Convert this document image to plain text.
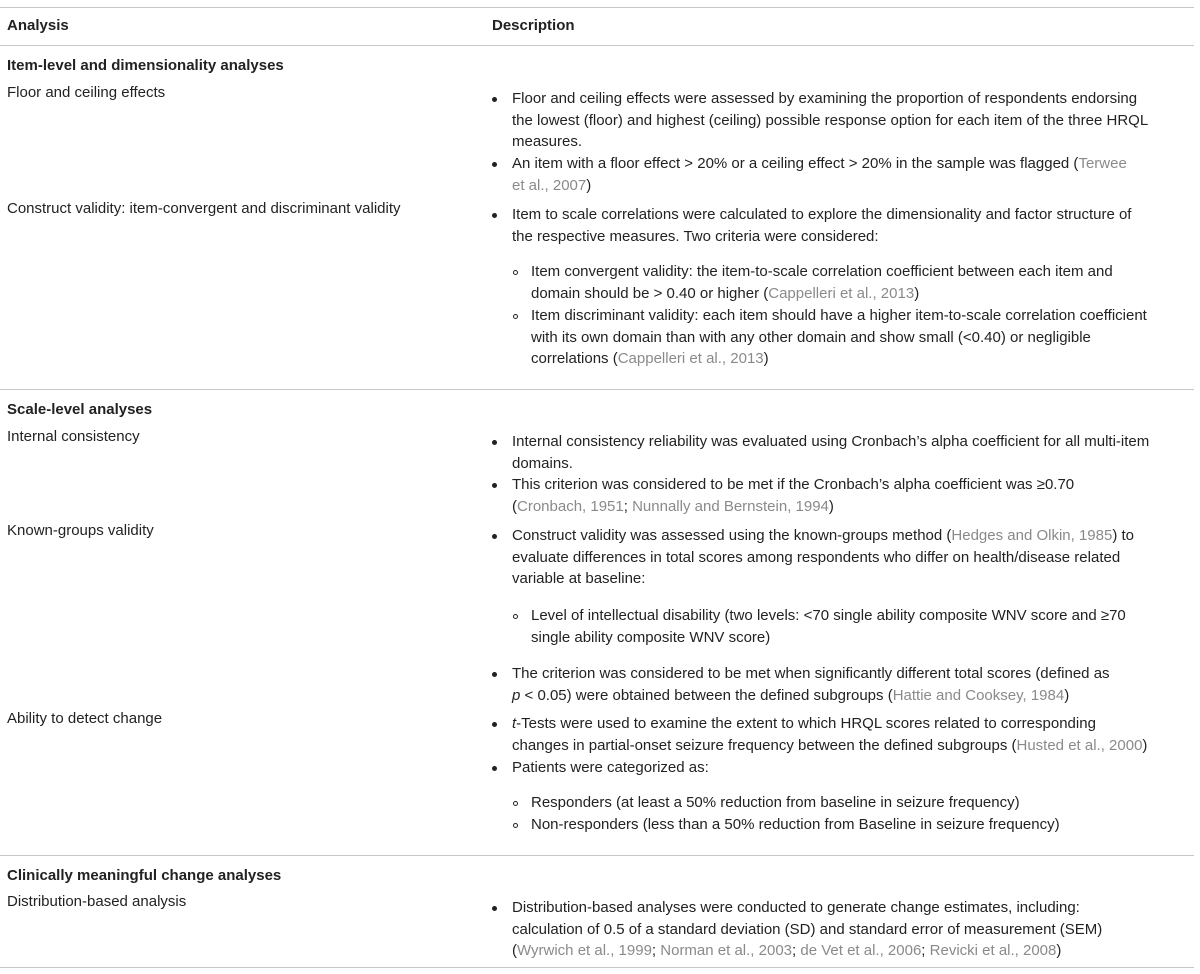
Analysis	Description
Item-level and dimensionality analyses
Floor and ceiling effects
Construct validity: item-convergent and discriminant validity
Scale-level analyses
Internal consistency
Known-groups validity
Ability to detect change
Clinically meaningful change analyses
Distribution-based analysis
Floor and ceiling effects were assessed by examining the proportion of respondents endorsing
the lowest (floor) and highest (ceiling) possible response option for each item of the three HRQL
measures.
An item with a floor effect > 20% or a ceiling effect > 20% in the sample was flagged (Terwee
et al., 2007)
Item to scale correlations were calculated to explore the dimensionality and factor structure of
the respective measures. Two criteria were considered:
Item convergent validity: the item-to-scale correlation coefficient between each item and
domain should be > 0.40 or higher (Cappelleri et al., 2013)
Item discriminant validity: each item should have a higher item-to-scale correlation coefficient
with its own domain than with any other domain and show small (<0.40) or negligible
correlations (Cappelleri et al., 2013)
Internal consistency reliability was evaluated using Cronbach’s alpha coefficient for all multi-item
domains.
This criterion was considered to be met if the Cronbach’s alpha coefficient was ≥0.70
(Cronbach, 1951; Nunnally and Bernstein, 1994)
Construct validity was assessed using the known-groups method (Hedges and Olkin, 1985) to
evaluate differences in total scores among respondents who differ on health/disease related
variable at baseline:
Level of intellectual disability (two levels: <70 single ability composite WNV score and ≥70
single ability composite WNV score)
The criterion was considered to be met when significantly different total scores (defined as
p < 0.05) were obtained between the defined subgroups (Hattie and Cooksey, 1984)
t-Tests were used to examine the extent to which HRQL scores related to corresponding
changes in partial-onset seizure frequency between the defined subgroups (Husted et al., 2000)
Patients were categorized as:
Responders (at least a 50% reduction from baseline in seizure frequency)
Non-responders (less than a 50% reduction from Baseline in seizure frequency)
Distribution-based analyses were conducted to generate change estimates, including:
calculation of 0.5 of a standard deviation (SD) and standard error of measurement (SEM)
(Wyrwich et al., 1999; Norman et al., 2003; de Vet et al., 2006; Revicki et al., 2008)
